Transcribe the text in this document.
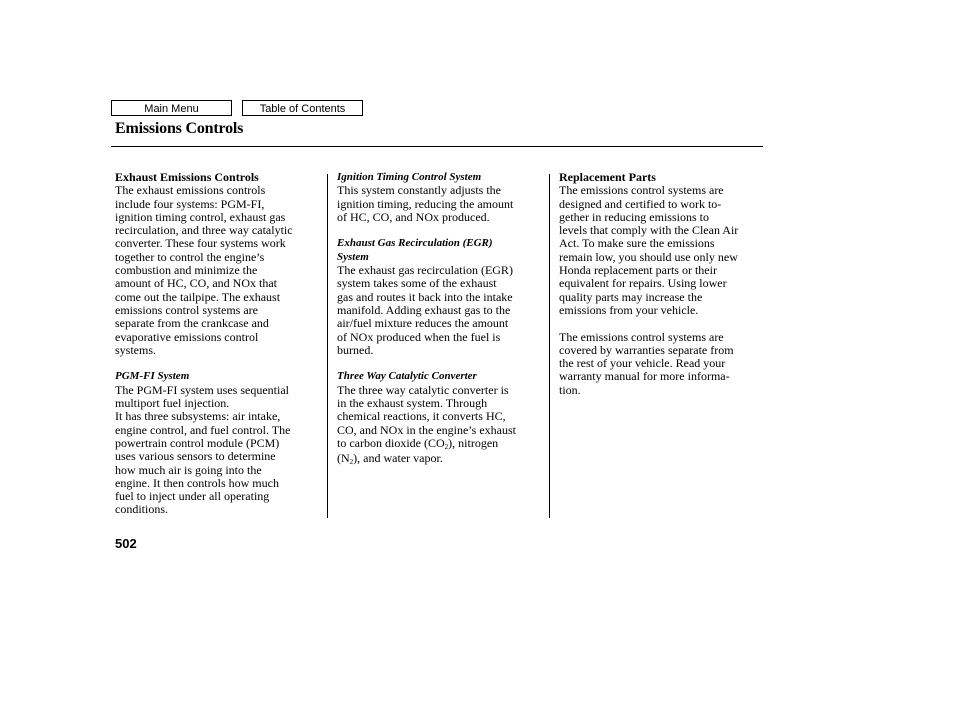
Main Menu	Table of Contents
Emissions Controls
Exhaust Emissions Controls
The exhaust emissions controls
include four systems: PGM-FI,
ignition timing control, exhaust gas
recirculation, and three way catalytic
converter. These four systems work
together to control the engine’s
combustion and minimize the
amount of HC, CO, and NOx that
come out the tailpipe. The exhaust
emissions control systems are
separate from the crankcase and
evaporative emissions control
systems.
PGM-FI System
The PGM-FI system uses sequential
multiport fuel injection.
It has three subsystems: air intake,
engine control, and fuel control. The
powertrain control module (PCM)
uses various sensors to determine
how much air is going into the
engine. It then controls how much
fuel to inject under all operating
conditions.
Ignition Timing Control System
This system constantly adjusts the
ignition timing, reducing the amount
of HC, CO, and NOx produced.
Exhaust Gas Recirculation (EGR)
System
The exhaust gas recirculation (EGR)
system takes some of the exhaust
gas and routes it back into the intake
manifold. Adding exhaust gas to the
air/fuel mixture reduces the amount
of NOx produced when the fuel is
burned.
Three Way Catalytic Converter
The three way catalytic converter is
in the exhaust system. Through
chemical reactions, it converts HC,
CO, and NOx in the engine’s exhaust
to carbon dioxide (CO2), nitrogen
(N2), and water vapor.
Replacement Parts
The emissions control systems are
designed and certified to work to-
gether in reducing emissions to
levels that comply with the Clean Air
Act. To make sure the emissions
remain low, you should use only new
Honda replacement parts or their
equivalent for repairs. Using lower
quality parts may increase the
emissions from your vehicle.
The emissions control systems are
covered by warranties separate from
the rest of your vehicle. Read your
warranty manual for more informa-
tion.
502
